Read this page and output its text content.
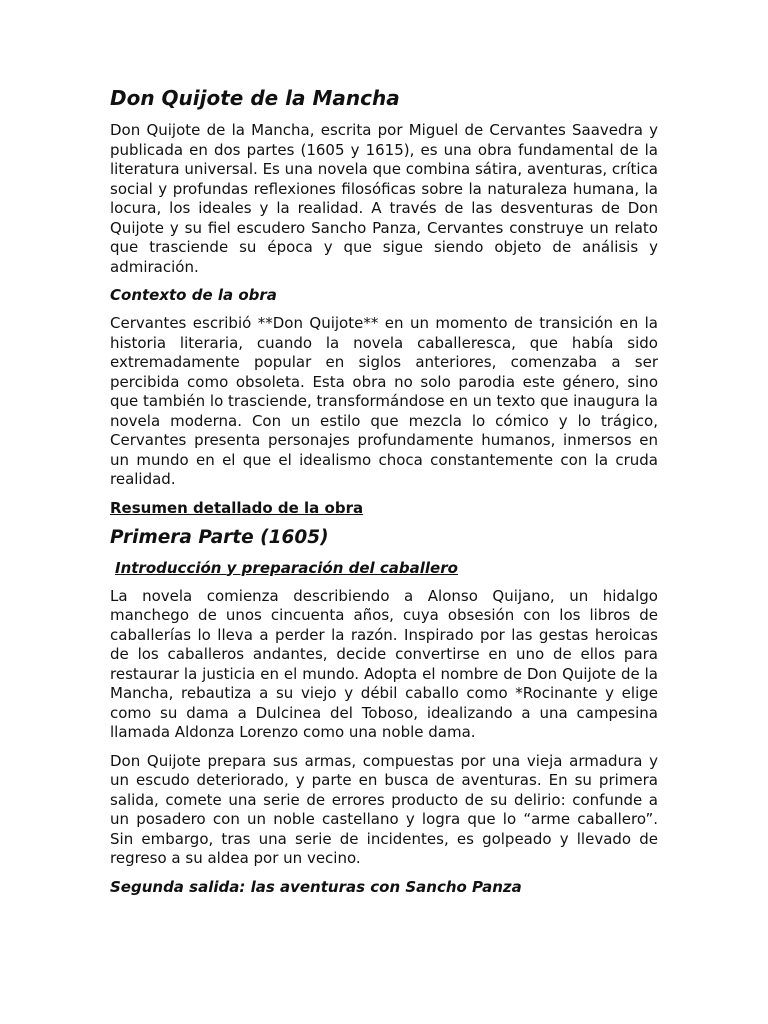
Don Quijote de la Mancha

Don Quijote de la Mancha, escrita por Miguel de Cervantes Saavedra y publicada en dos partes (1605 y 1615), es una obra fundamental de la literatura universal. Es una novela que combina sátira, aventuras, crítica social y profundas reflexiones filosóficas sobre la naturaleza humana, la locura, los ideales y la realidad. A través de las desventuras de Don Quijote y su fiel escudero Sancho Panza, Cervantes construye un relato que trasciende su época y que sigue siendo objeto de análisis y admiración.

Contexto de la obra

Cervantes escribió **Don Quijote** en un momento de transición en la historia literaria, cuando la novela caballeresca, que había sido extremadamente popular en siglos anteriores, comenzaba a ser percibida como obsoleta. Esta obra no solo parodia este género, sino que también lo trasciende, transformándose en un texto que inaugura la novela moderna. Con un estilo que mezcla lo cómico y lo trágico, Cervantes presenta personajes profundamente humanos, inmersos en un mundo en el que el idealismo choca constantemente con la cruda realidad.

Resumen detallado de la obra
Primera Parte (1605)
Introducción y preparación del caballero

La novela comienza describiendo a Alonso Quijano, un hidalgo manchego de unos cincuenta años, cuya obsesión con los libros de caballerías lo lleva a perder la razón. Inspirado por las gestas heroicas de los caballeros andantes, decide convertirse en uno de ellos para restaurar la justicia en el mundo. Adopta el nombre de Don Quijote de la Mancha, rebautiza a su viejo y débil caballo como *Rocinante y elige como su dama a Dulcinea del Toboso, idealizando a una campesina llamada Aldonza Lorenzo como una noble dama.

Don Quijote prepara sus armas, compuestas por una vieja armadura y un escudo deteriorado, y parte en busca de aventuras. En su primera salida, comete una serie de errores producto de su delirio: confunde a un posadero con un noble castellano y logra que lo “arme caballero”. Sin embargo, tras una serie de incidentes, es golpeado y llevado de regreso a su aldea por un vecino.

Segunda salida: las aventuras con Sancho Panza
